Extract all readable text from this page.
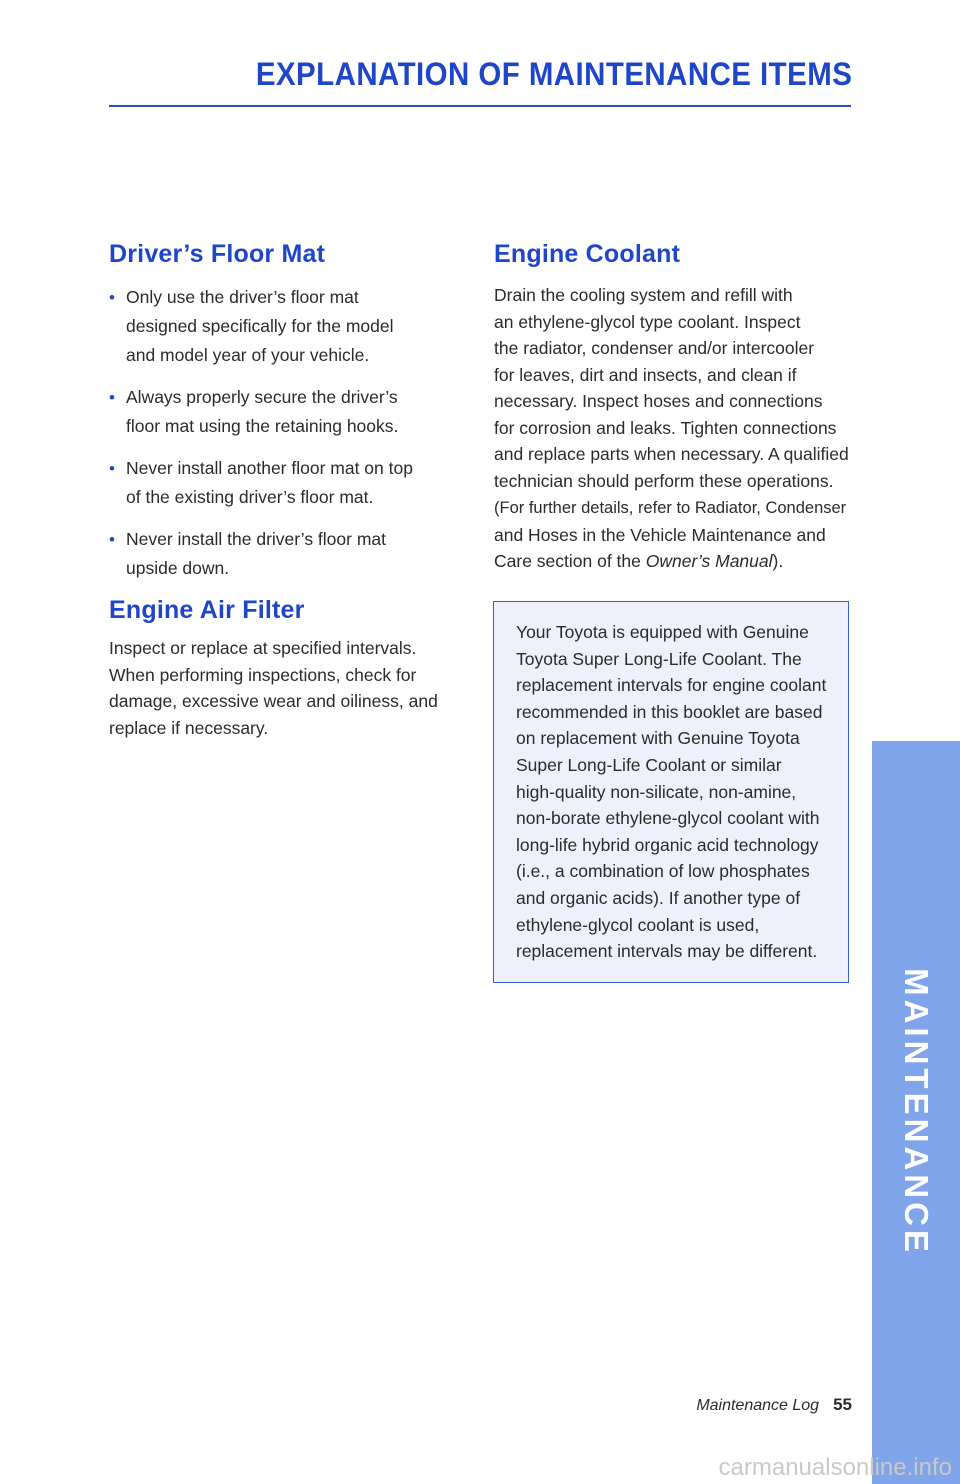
EXPLANATION OF MAINTENANCE ITEMS
Driver’s Floor Mat
• Only use the driver’s floor mat
designed specifically for the model
and model year of your vehicle.
• Always properly secure the driver’s
floor mat using the retaining hooks.
• Never install another floor mat on top
of the existing driver’s floor mat.
• Never install the driver’s floor mat
upside down.
Engine Air Filter

Inspect or replace at specified intervals.
When performing inspections, check for
damage, excessive wear and oiliness, and
replace if necessary.

Engine Coolant

Drain the cooling system and refill with
an ethylene-glycol type coolant. Inspect
the radiator, condenser and/or intercooler
for leaves, dirt and insects, and clean if
necessary. Inspect hoses and connections
for corrosion and leaks. Tighten connections
and replace parts when necessary. A qualified
technician should perform these operations.
(For further details, refer to Radiator, Condenser
and Hoses in the Vehicle Maintenance and
Care section of the Owner’s Manual).

Your Toyota is equipped with Genuine
Toyota Super Long-Life Coolant. The
replacement intervals for engine coolant
recommended in this booklet are based
on replacement with Genuine Toyota
Super Long-Life Coolant or similar
high-quality non-silicate, non-amine,
non-borate ethylene-glycol coolant with
long-life hybrid organic acid technology
(i.e., a combination of low phosphates
and organic acids). If another type of
ethylene-glycol coolant is used,
replacement intervals may be different.
MAINTENANCE
Maintenance Log 55
carmanualsonline.info
